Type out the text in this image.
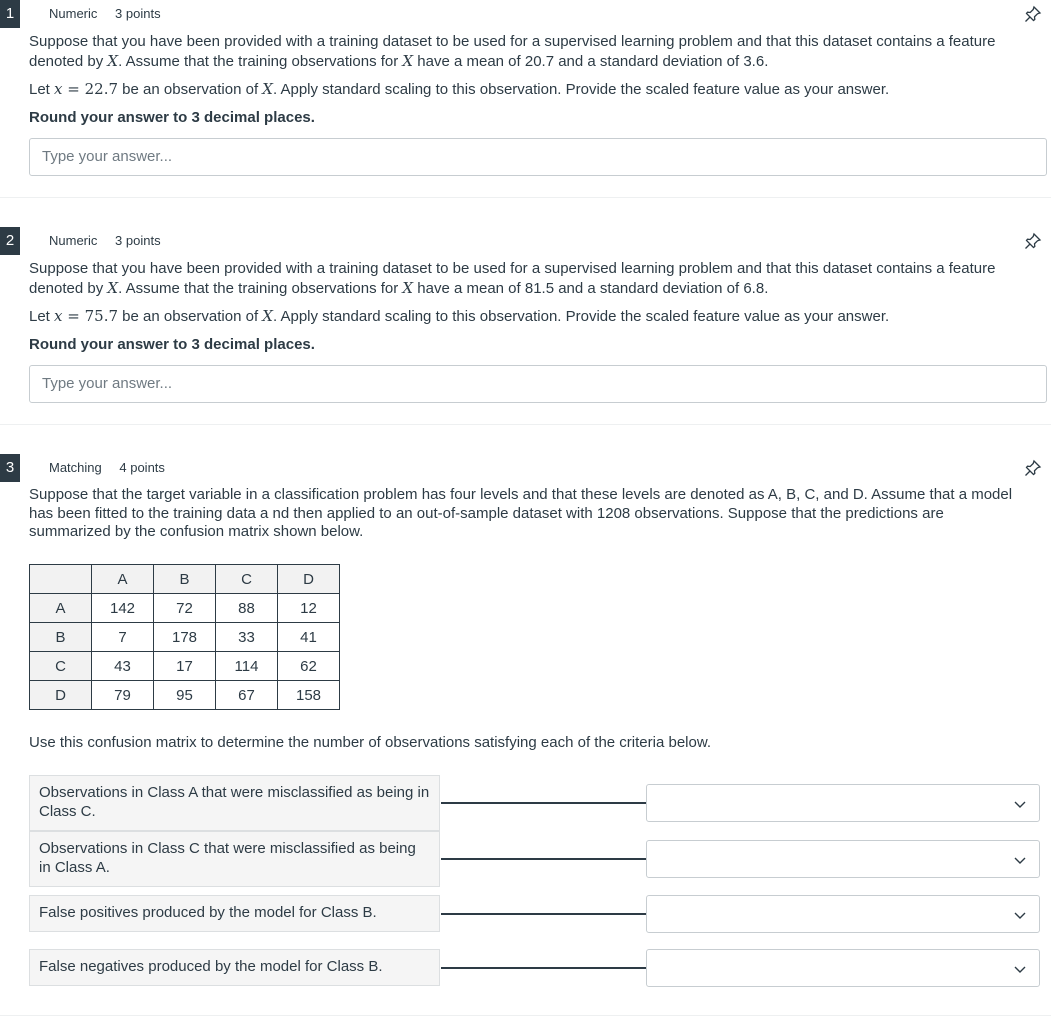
1	Numeric 3 points
Suppose that you have been provided with a training dataset to be used for a supervised learning problem and that this dataset contains a feature denoted by X. Assume that the training observations for X have a mean of 20.7 and a standard deviation of 3.6.
Let x = 22.7 be an observation of X. Apply standard scaling to this observation. Provide the scaled feature value as your answer.
Round your answer to 3 decimal places.
Type your answer...
2	Numeric 3 points
Suppose that you have been provided with a training dataset to be used for a supervised learning problem and that this dataset contains a feature denoted by X. Assume that the training observations for X have a mean of 81.5 and a standard deviation of 6.8.
Let x = 75.7 be an observation of X. Apply standard scaling to this observation. Provide the scaled feature value as your answer.
Round your answer to 3 decimal places.
Type your answer...
3	Matching 4 points
Suppose that the target variable in a classification problem has four levels and that these levels are denoted as A, B, C, and D. Assume that a model has been fitted to the training data a nd then applied to an out-of-sample dataset with 1208 observations. Suppose that the predictions are summarized by the confusion matrix shown below.
	A	B	C	D
A	142	72	88	12
B	7	178	33	41
C	43	17	114	62
D	79	95	67	158
Use this confusion matrix to determine the number of observations satisfying each of the criteria below.
Observations in Class A that were misclassified as being in Class C.
Observations in Class C that were misclassified as being in Class A.
False positives produced by the model for Class B.
False negatives produced by the model for Class B.
